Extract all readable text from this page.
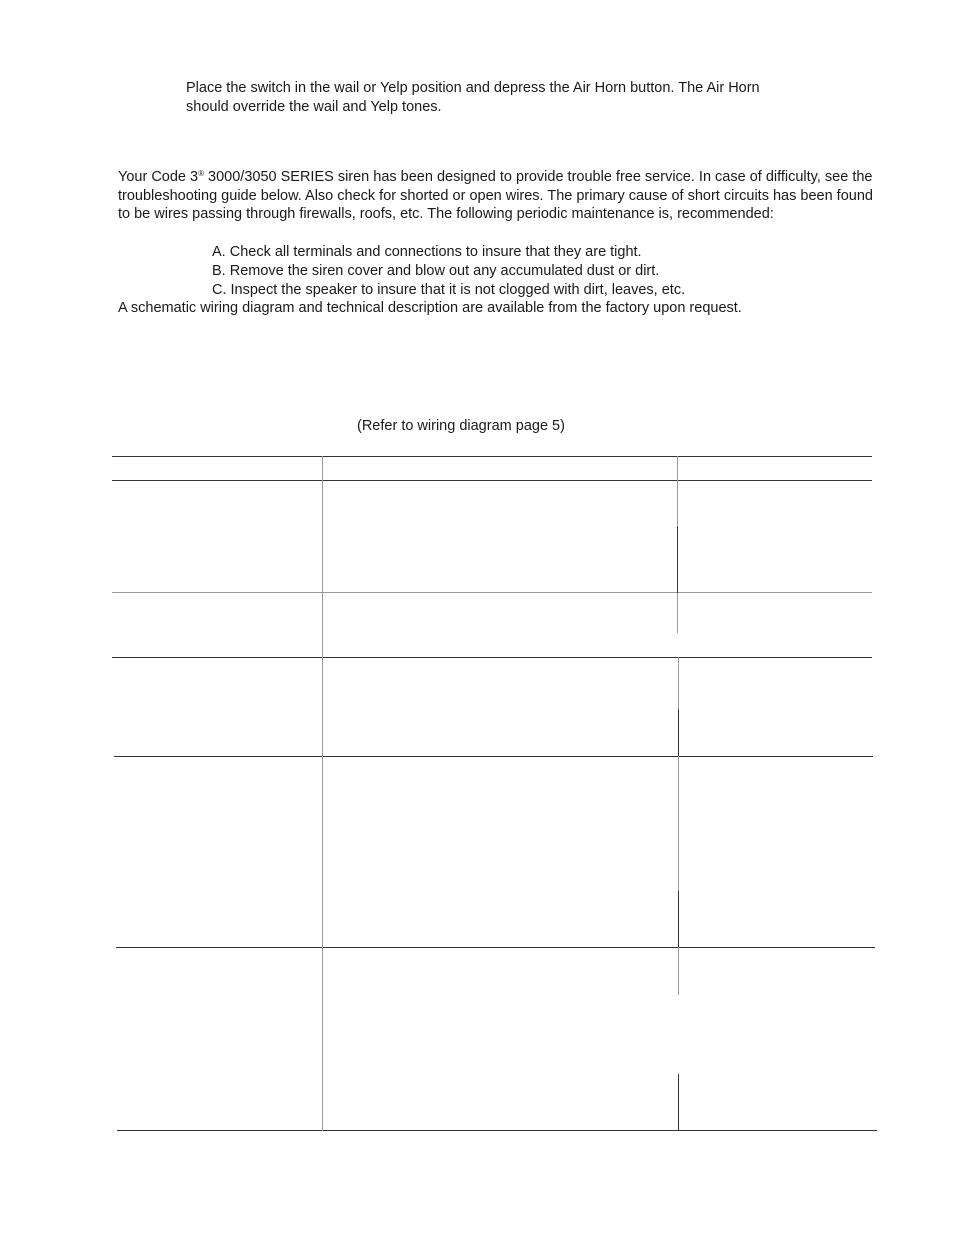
Place the switch in the wail or Yelp position and depress the Air Horn button. The Air Horn
should override the wail and Yelp tones.

Your Code 3® 3000/3050 SERIES siren has been designed to provide trouble free service. In case of difficulty, see the troubleshooting guide below. Also check for shorted or open wires. The primary cause of short circuits has been found to be wires passing through firewalls, roofs, etc. The following periodic maintenance is, recommended:

A. Check all terminals and connections to insure that they are tight.
B. Remove the siren cover and blow out any accumulated dust or dirt.
C. Inspect the speaker to insure that it is not clogged with dirt, leaves, etc.

A schematic wiring diagram and technical description are available from the factory upon request.

(Refer to wiring diagram page 5)
